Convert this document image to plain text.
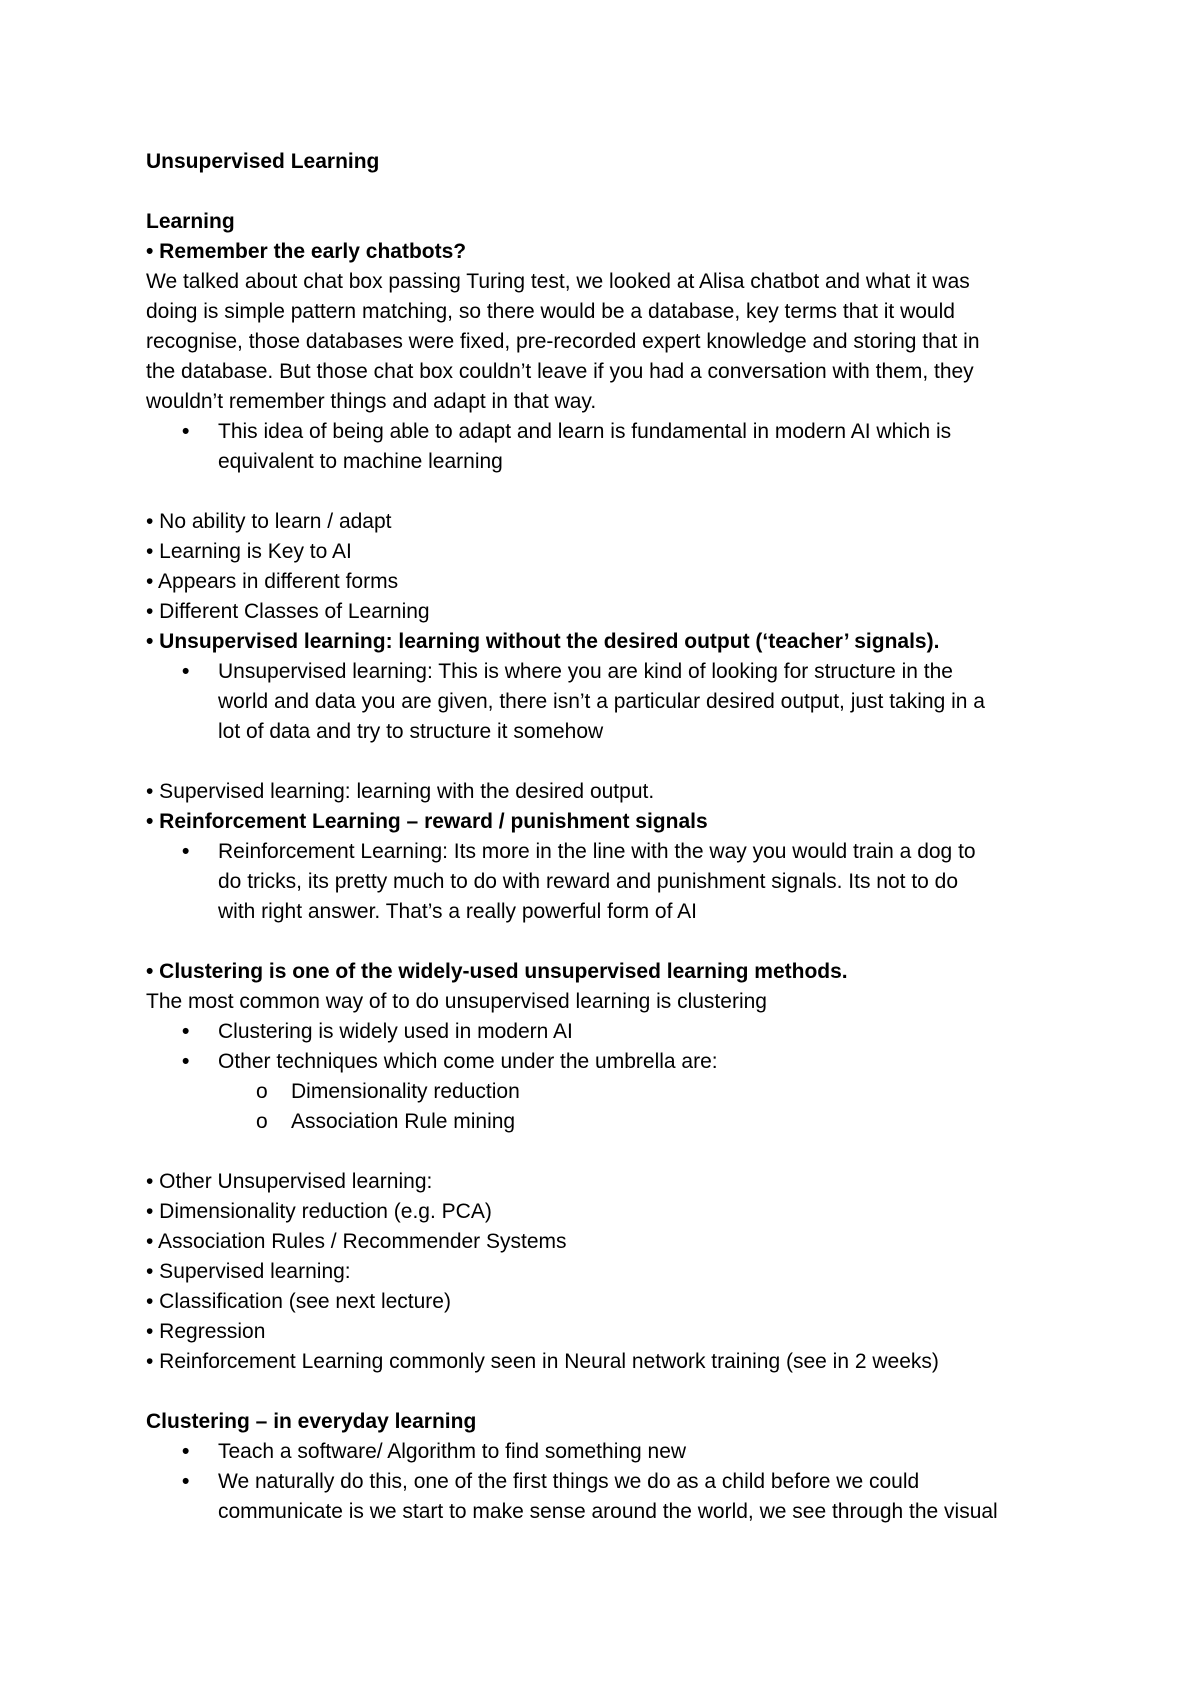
Unsupervised Learning
Learning
• Remember the early chatbots?
We talked about chat box passing Turing test, we looked at Alisa chatbot and what it was
doing is simple pattern matching, so there would be a database, key terms that it would
recognise, those databases were fixed, pre-recorded expert knowledge and storing that in
the database. But those chat box couldn’t leave if you had a conversation with them, they
wouldn’t remember things and adapt in that way.
• This idea of being able to adapt and learn is fundamental in modern AI which is
equivalent to machine learning
• No ability to learn / adapt
• Learning is Key to AI
• Appears in different forms
• Different Classes of Learning
• Unsupervised learning: learning without the desired output (‘teacher’ signals).
• Unsupervised learning: This is where you are kind of looking for structure in the
world and data you are given, there isn’t a particular desired output, just taking in a
lot of data and try to structure it somehow
• Supervised learning: learning with the desired output.
• Reinforcement Learning – reward / punishment signals
• Reinforcement Learning: Its more in the line with the way you would train a dog to
do tricks, its pretty much to do with reward and punishment signals. Its not to do
with right answer. That’s a really powerful form of AI
• Clustering is one of the widely-used unsupervised learning methods.
The most common way of to do unsupervised learning is clustering
• Clustering is widely used in modern AI
• Other techniques which come under the umbrella are:
o Dimensionality reduction
o Association Rule mining
• Other Unsupervised learning:
• Dimensionality reduction (e.g. PCA)
• Association Rules / Recommender Systems
• Supervised learning:
• Classification (see next lecture)
• Regression
• Reinforcement Learning commonly seen in Neural network training (see in 2 weeks)
Clustering – in everyday learning
• Teach a software/ Algorithm to find something new
• We naturally do this, one of the first things we do as a child before we could
communicate is we start to make sense around the world, we see through the visual
